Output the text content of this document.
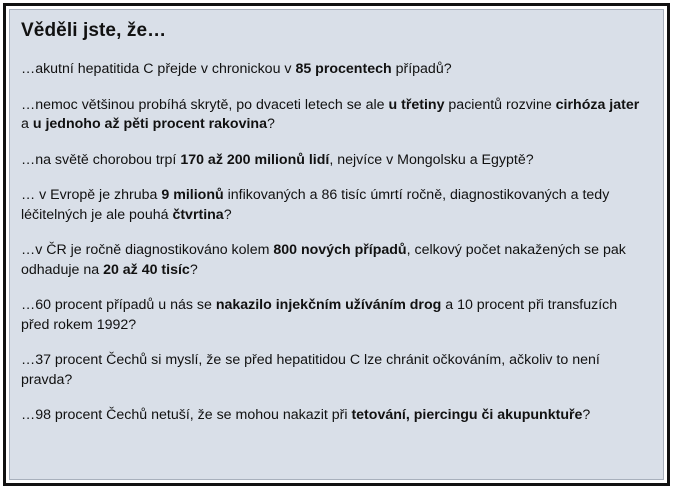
Věděli jste, že…
…akutní hepatitida C přejde v chronickou v 85 procentech případů?
…nemoc většinou probíhá skrytě, po dvaceti letech se ale u třetiny pacientů rozvine cirhóza jater a u jednoho až pěti procent rakovina?
…na světě chorobou trpí 170 až 200 milionů lidí, nejvíce v Mongolsku a Egyptě?
… v Evropě je zhruba 9 milionů infikovaných a 86 tisíc úmrtí ročně, diagnostikovaných a tedy léčitelných je ale pouhá čtvrtina?
…v ČR je ročně diagnostikováno kolem 800 nových případů, celkový počet nakažených se pak odhaduje na 20 až 40 tisíc?
…60 procent případů u nás se nakazilo injekčním užíváním drog a 10 procent při transfuzích před rokem 1992?
…37 procent Čechů si myslí, že se před hepatitidou C lze chránit očkováním, ačkoliv to není pravda?
…98 procent Čechů netuší, že se mohou nakazit při tetování, piercingu či akupunktuře?
